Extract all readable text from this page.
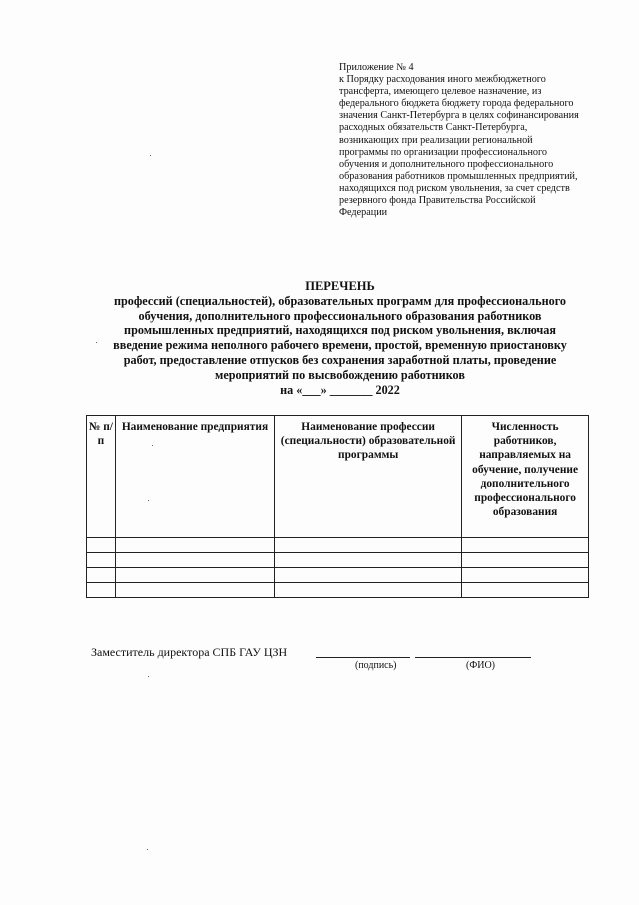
Приложение № 4
к Порядку расходования иного межбюджетного трансферта, имеющего целевое назначение, из федерального бюджета бюджету города федерального значения Санкт-Петербурга в целях софинансирования расходных обязательств Санкт-Петербурга, возникающих при реализации региональной программы по организации профессионального обучения и дополнительного профессионального образования работников промышленных предприятий, находящихся под риском увольнения, за счет средств резервного фонда Правительства Российской Федерации
ПЕРЕЧЕНЬ
профессий (специальностей), образовательных программ для профессионального
обучения, дополнительного профессионального образования работников
промышленных предприятий, находящихся под риском увольнения, включая
введение режима неполного рабочего времени, простой, временную приостановку
работ, предоставление отпусков без сохранения заработной платы, проведение
мероприятий по высвобождению работников
на «___» _______ 2022
№ п/п	Наименование предприятия	Наименование профессии (специальности) образовательной программы	Численность работников, направляемых на обучение, получение дополнительного профессионального образования

Заместитель директора СПБ ГАУ ЦЗН
(подпись)	(ФИО)
